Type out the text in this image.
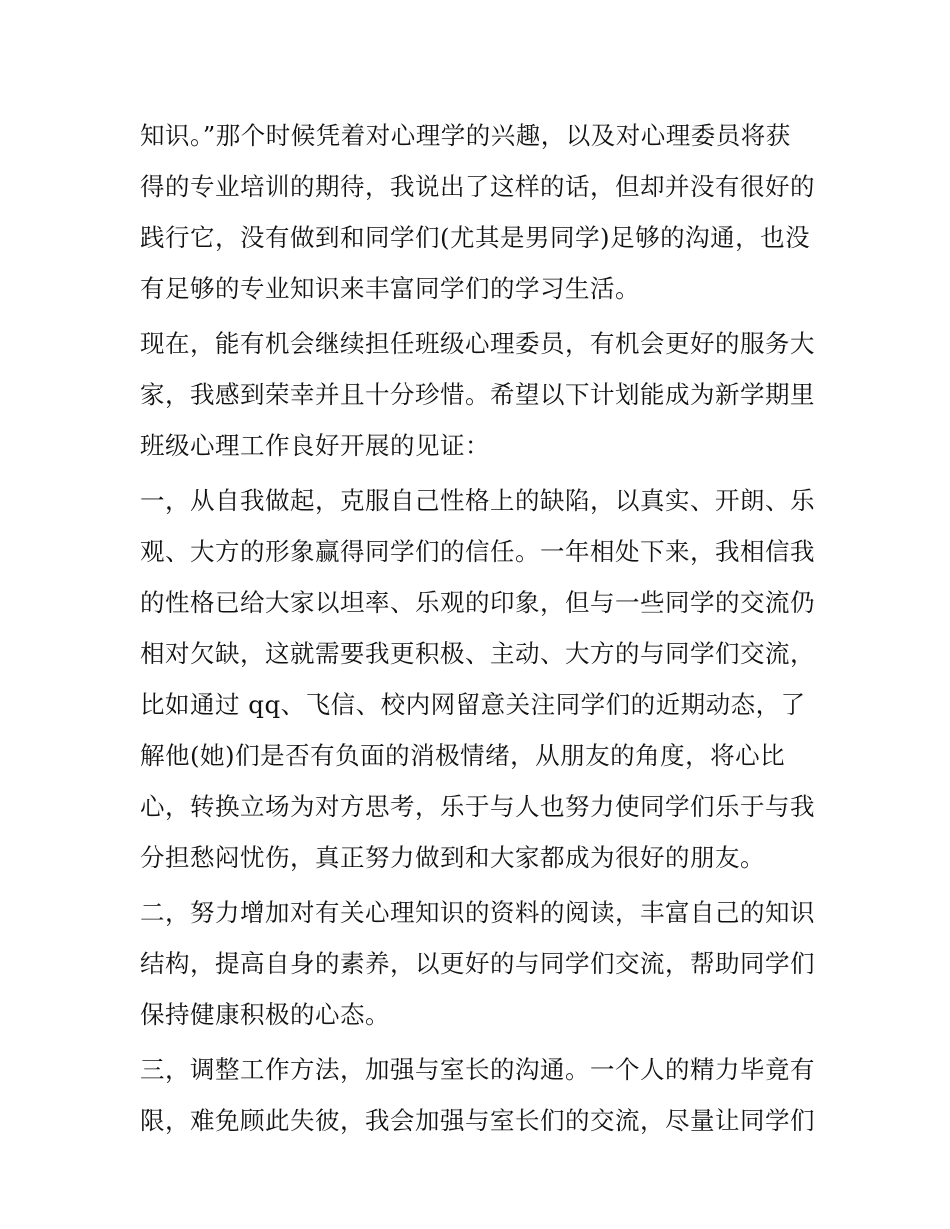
知识。”那个时候凭着对心理学的兴趣，以及对心理委员将获
得的专业培训的期待，我说出了这样的话，但却并没有很好的
践行它，没有做到和同学们(尤其是男同学)足够的沟通，也没
有足够的专业知识来丰富同学们的学习生活。

现在，能有机会继续担任班级心理委员，有机会更好的服务大
家，我感到荣幸并且十分珍惜。希望以下计划能成为新学期里
班级心理工作良好开展的见证：

一，从自我做起，克服自己性格上的缺陷，以真实、开朗、乐
观、大方的形象赢得同学们的信任。一年相处下来，我相信我
的性格已给大家以坦率、乐观的印象，但与一些同学的交流仍
相对欠缺，这就需要我更积极、主动、大方的与同学们交流，
比如通过 qq、飞信、校内网留意关注同学们的近期动态，了
解他(她)们是否有负面的消极情绪，从朋友的角度，将心比
心，转换立场为对方思考，乐于与人也努力使同学们乐于与我
分担愁闷忧伤，真正努力做到和大家都成为很好的朋友。

二，努力增加对有关心理知识的资料的阅读，丰富自己的知识
结构，提高自身的素养，以更好的与同学们交流，帮助同学们
保持健康积极的心态。

三，调整工作方法，加强与室长的沟通。一个人的精力毕竟有
限，难免顾此失彼，我会加强与室长们的交流，尽量让同学们
